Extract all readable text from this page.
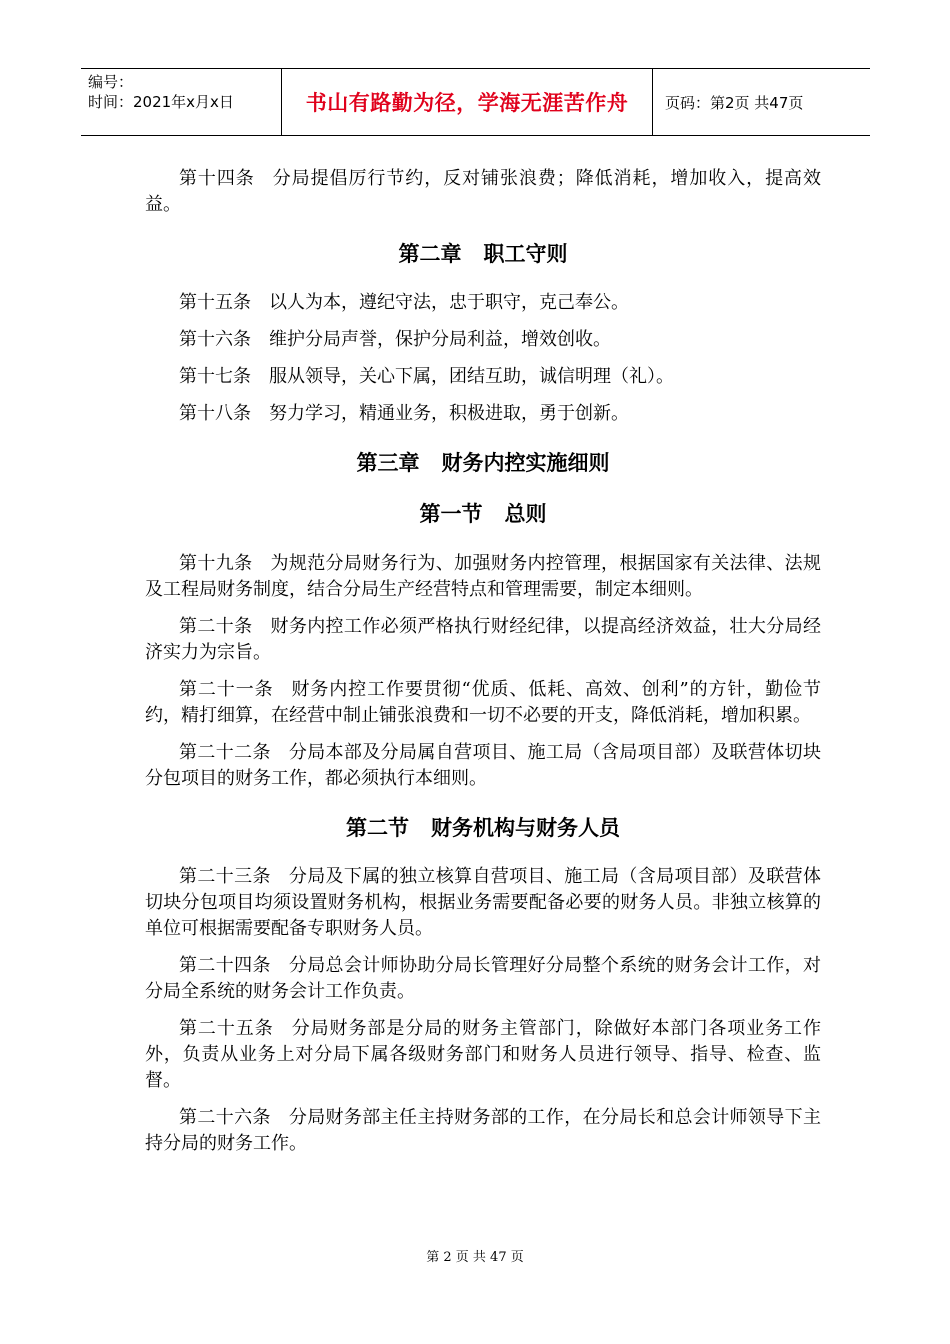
编号：
时间：2021年x月x日	书山有路勤为径，学海无涯苦作舟 页码：第2页 共47页

第十四条 分局提倡厉行节约，反对铺张浪费；降低消耗，增加收入，提高效益。

第二章 职工守则

第十五条 以人为本，遵纪守法，忠于职守，克己奉公。

第十六条 维护分局声誉，保护分局利益，增效创收。

第十七条 服从领导，关心下属，团结互助，诚信明理（礼）。

第十八条 努力学习，精通业务，积极进取，勇于创新。

第三章 财务内控实施细则
第一节 总则

第十九条 为规范分局财务行为、加强财务内控管理，根据国家有关法律、法规及工程局财务制度，结合分局生产经营特点和管理需要，制定本细则。

第二十条 财务内控工作必须严格执行财经纪律，以提高经济效益，壮大分局经济实力为宗旨。

第二十一条 财务内控工作要贯彻“优质、低耗、高效、创利”的方针，勤俭节约，精打细算，在经营中制止铺张浪费和一切不必要的开支，降低消耗，增加积累。

第二十二条 分局本部及分局属自营项目、施工局（含局项目部）及联营体切块分包项目的财务工作，都必须执行本细则。

第二节 财务机构与财务人员

第二十三条 分局及下属的独立核算自营项目、施工局（含局项目部）及联营体切块分包项目均须设置财务机构，根据业务需要配备必要的财务人员。非独立核算的单位可根据需要配备专职财务人员。

第二十四条 分局总会计师协助分局长管理好分局整个系统的财务会计工作，对分局全系统的财务会计工作负责。

第二十五条 分局财务部是分局的财务主管部门，除做好本部门各项业务工作外，负责从业务上对分局下属各级财务部门和财务人员进行领导、指导、检查、监督。

第二十六条 分局财务部主任主持财务部的工作，在分局长和总会计师领导下主持分局的财务工作。

第 2 页 共 47 页
